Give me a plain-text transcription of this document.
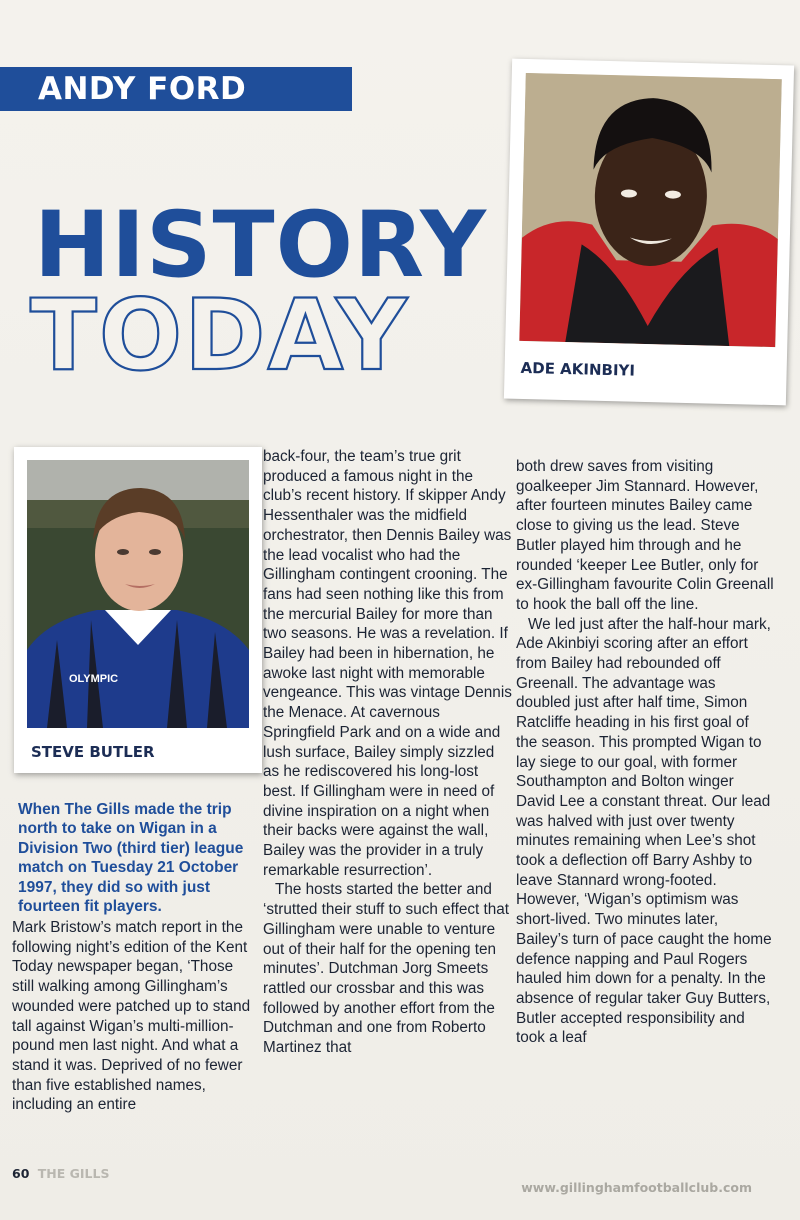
ANDY FORD
HISTORY
TODAY	ADE AKINBIYI
OLYMPIC
STEVE BUTLER
When The Gills made the trip north to take on Wigan in a Division Two (third tier) league match on Tuesday 21 October 1997, they did so with just fourteen fit players.

Mark Bristow’s match report in the following night’s edition of the Kent Today newspaper began, ‘Those still walking among Gillingham’s wounded were patched up to stand tall against Wigan’s multi-million-pound men last night. And what a stand it was. Deprived of no fewer than five established names, including an entire

back-four, the team’s true grit produced a famous night in the club’s recent history. If skipper Andy Hessenthaler was the midfield orchestrator, then Dennis Bailey was the lead vocalist who had the Gillingham contingent crooning. The fans had seen nothing like this from the mercurial Bailey for more than two seasons. He was a revelation. If Bailey had been in hibernation, he awoke last night with memorable vengeance. This was vintage Dennis the Menace. At cavernous Springfield Park and on a wide and lush surface, Bailey simply sizzled as he rediscovered his long-lost best. If Gillingham were in need of divine inspiration on a night when their backs were against the wall, Bailey was the provider in a truly remarkable resurrection’.

The hosts started the better and ‘strutted their stuff to such effect that Gillingham were unable to venture out of their half for the opening ten minutes’. Dutchman Jorg Smeets rattled our crossbar and this was followed by another effort from the Dutchman and one from Roberto Martinez that

both drew saves from visiting goalkeeper Jim Stannard. However, after fourteen minutes Bailey came close to giving us the lead. Steve Butler played him through and he rounded ‘keeper Lee Butler, only for ex-Gillingham favourite Colin Greenall to hook the ball off the line.

We led just after the half-hour mark, Ade Akinbiyi scoring after an effort from Bailey had rebounded off Greenall. The advantage was doubled just after half time, Simon Ratcliffe heading in his first goal of the season. This prompted Wigan to lay siege to our goal, with former Southampton and Bolton winger David Lee a constant threat. Our lead was halved with just over twenty minutes remaining when Lee’s shot took a deflection off Barry Ashby to leave Stannard wrong-footed. However, ‘Wigan’s optimism was short-lived. Two minutes later, Bailey’s turn of pace caught the home defence napping and Paul Rogers hauled him down for a penalty. In the absence of regular taker Guy Butters, Butler accepted responsibility and took a leaf

60 THE GILLS
www.gillinghamfootballclub.com
